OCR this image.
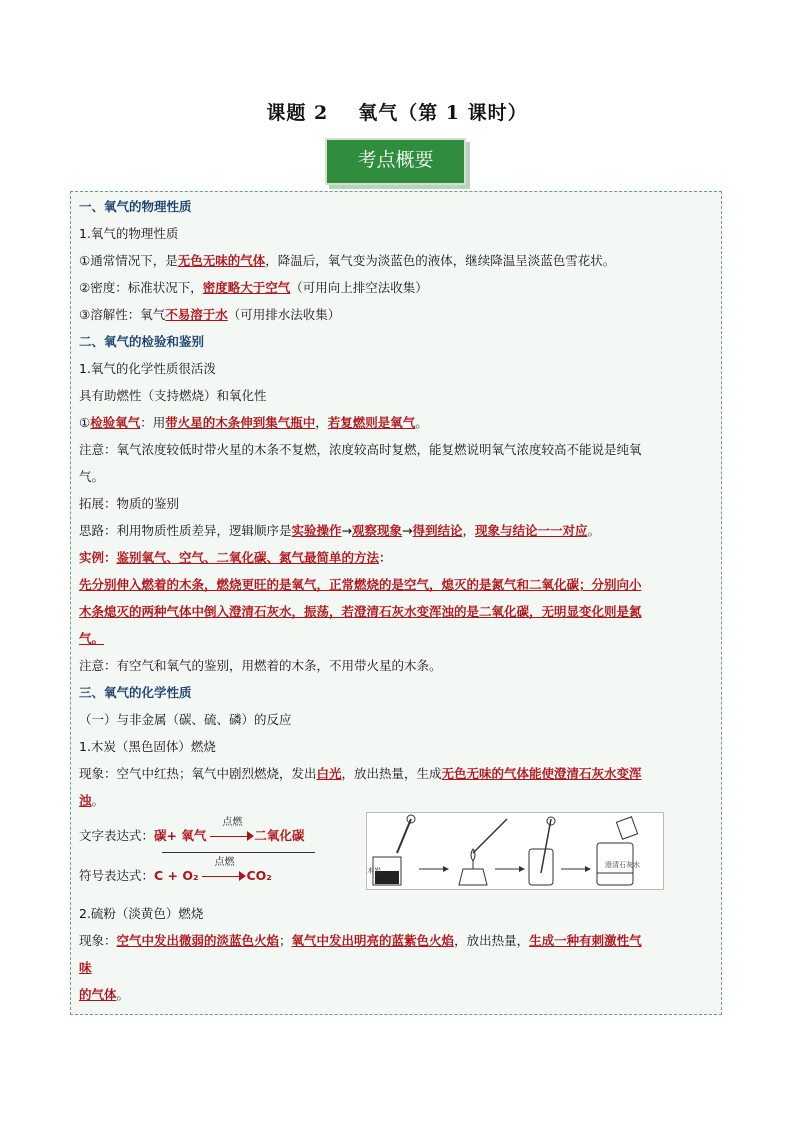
课题 2 氧气（第 1 课时）
考点概要
一、氧气的物理性质
1.氧气的物理性质
①通常情况下，是无色无味的气体，降温后，氧气变为淡蓝色的液体，继续降温呈淡蓝色雪花状。
②密度：标准状况下，密度略大于空气（可用向上排空法收集）
③溶解性：氧气不易溶于水（可用排水法收集）
二、氧气的检验和鉴别
1.氧气的化学性质很活泼
具有助燃性（支持燃烧）和氧化性
①检验氧气：用带火星的木条伸到集气瓶中，若复燃则是氧气。
注意：氧气浓度较低时带火星的木条不复燃，浓度较高时复燃，能复燃说明氧气浓度较高不能说是纯氧
气。
拓展：物质的鉴别
思路：利用物质性质差异，逻辑顺序是实验操作→观察现象→得到结论，现象与结论一一对应。
实例：鉴别氧气、空气、二氧化碳、氮气最简单的方法：
先分别伸入燃着的木条，燃烧更旺的是氧气，正常燃烧的是空气，熄灭的是氮气和二氧化碳；分别向小
木条熄灭的两种气体中倒入澄清石灰水，振荡，若澄清石灰水变浑浊的是二氧化碳，无明显变化则是氮
气。
注意：有空气和氧气的鉴别，用燃着的木条，不用带火星的木条。
三、氧气的化学性质
（一）与非金属（碳、硫、磷）的反应
1.木炭（黑色固体）燃烧
现象：空气中红热；氧气中剧烈燃烧，发出白光，放出热量，生成无色无味的气体能使澄清石灰水变浑
浊。
文字表达式：碳+ 氧气
点燃
二氧化碳
符号表达式：C + O₂
点燃
CO₂
2.硫粉（淡黄色）燃烧
现象：空气中发出微弱的淡蓝色火焰；氧气中发出明亮的蓝紫色火焰，放出热量，生成一种有刺激性气
味
的气体。
木炭
澄清石灰水
